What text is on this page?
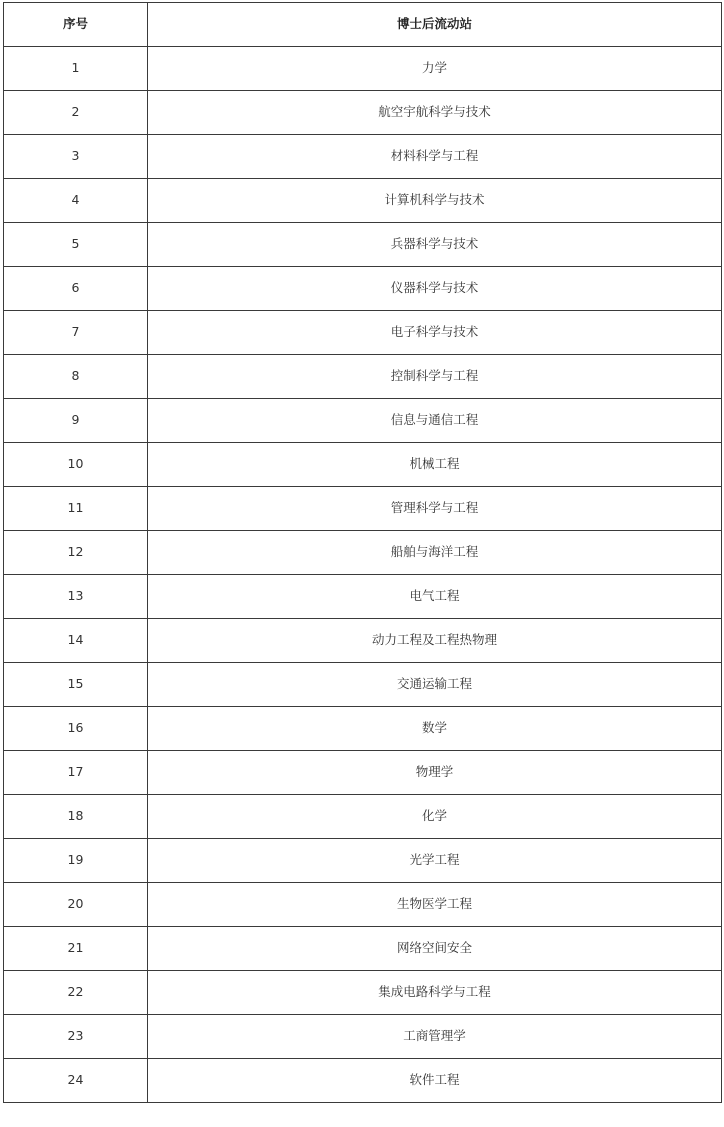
序号	博士后流动站
1	力学
2	航空宇航科学与技术
3	材料科学与工程
4	计算机科学与技术
5	兵器科学与技术
6	仪器科学与技术
7	电子科学与技术
8	控制科学与工程
9	信息与通信工程
10	机械工程
11	管理科学与工程
12	船舶与海洋工程
13	电气工程
14	动力工程及工程热物理
15	交通运输工程
16	数学
17	物理学
18	化学
19	光学工程
20	生物医学工程
21	网络空间安全
22	集成电路科学与工程
23	工商管理学
24	软件工程
